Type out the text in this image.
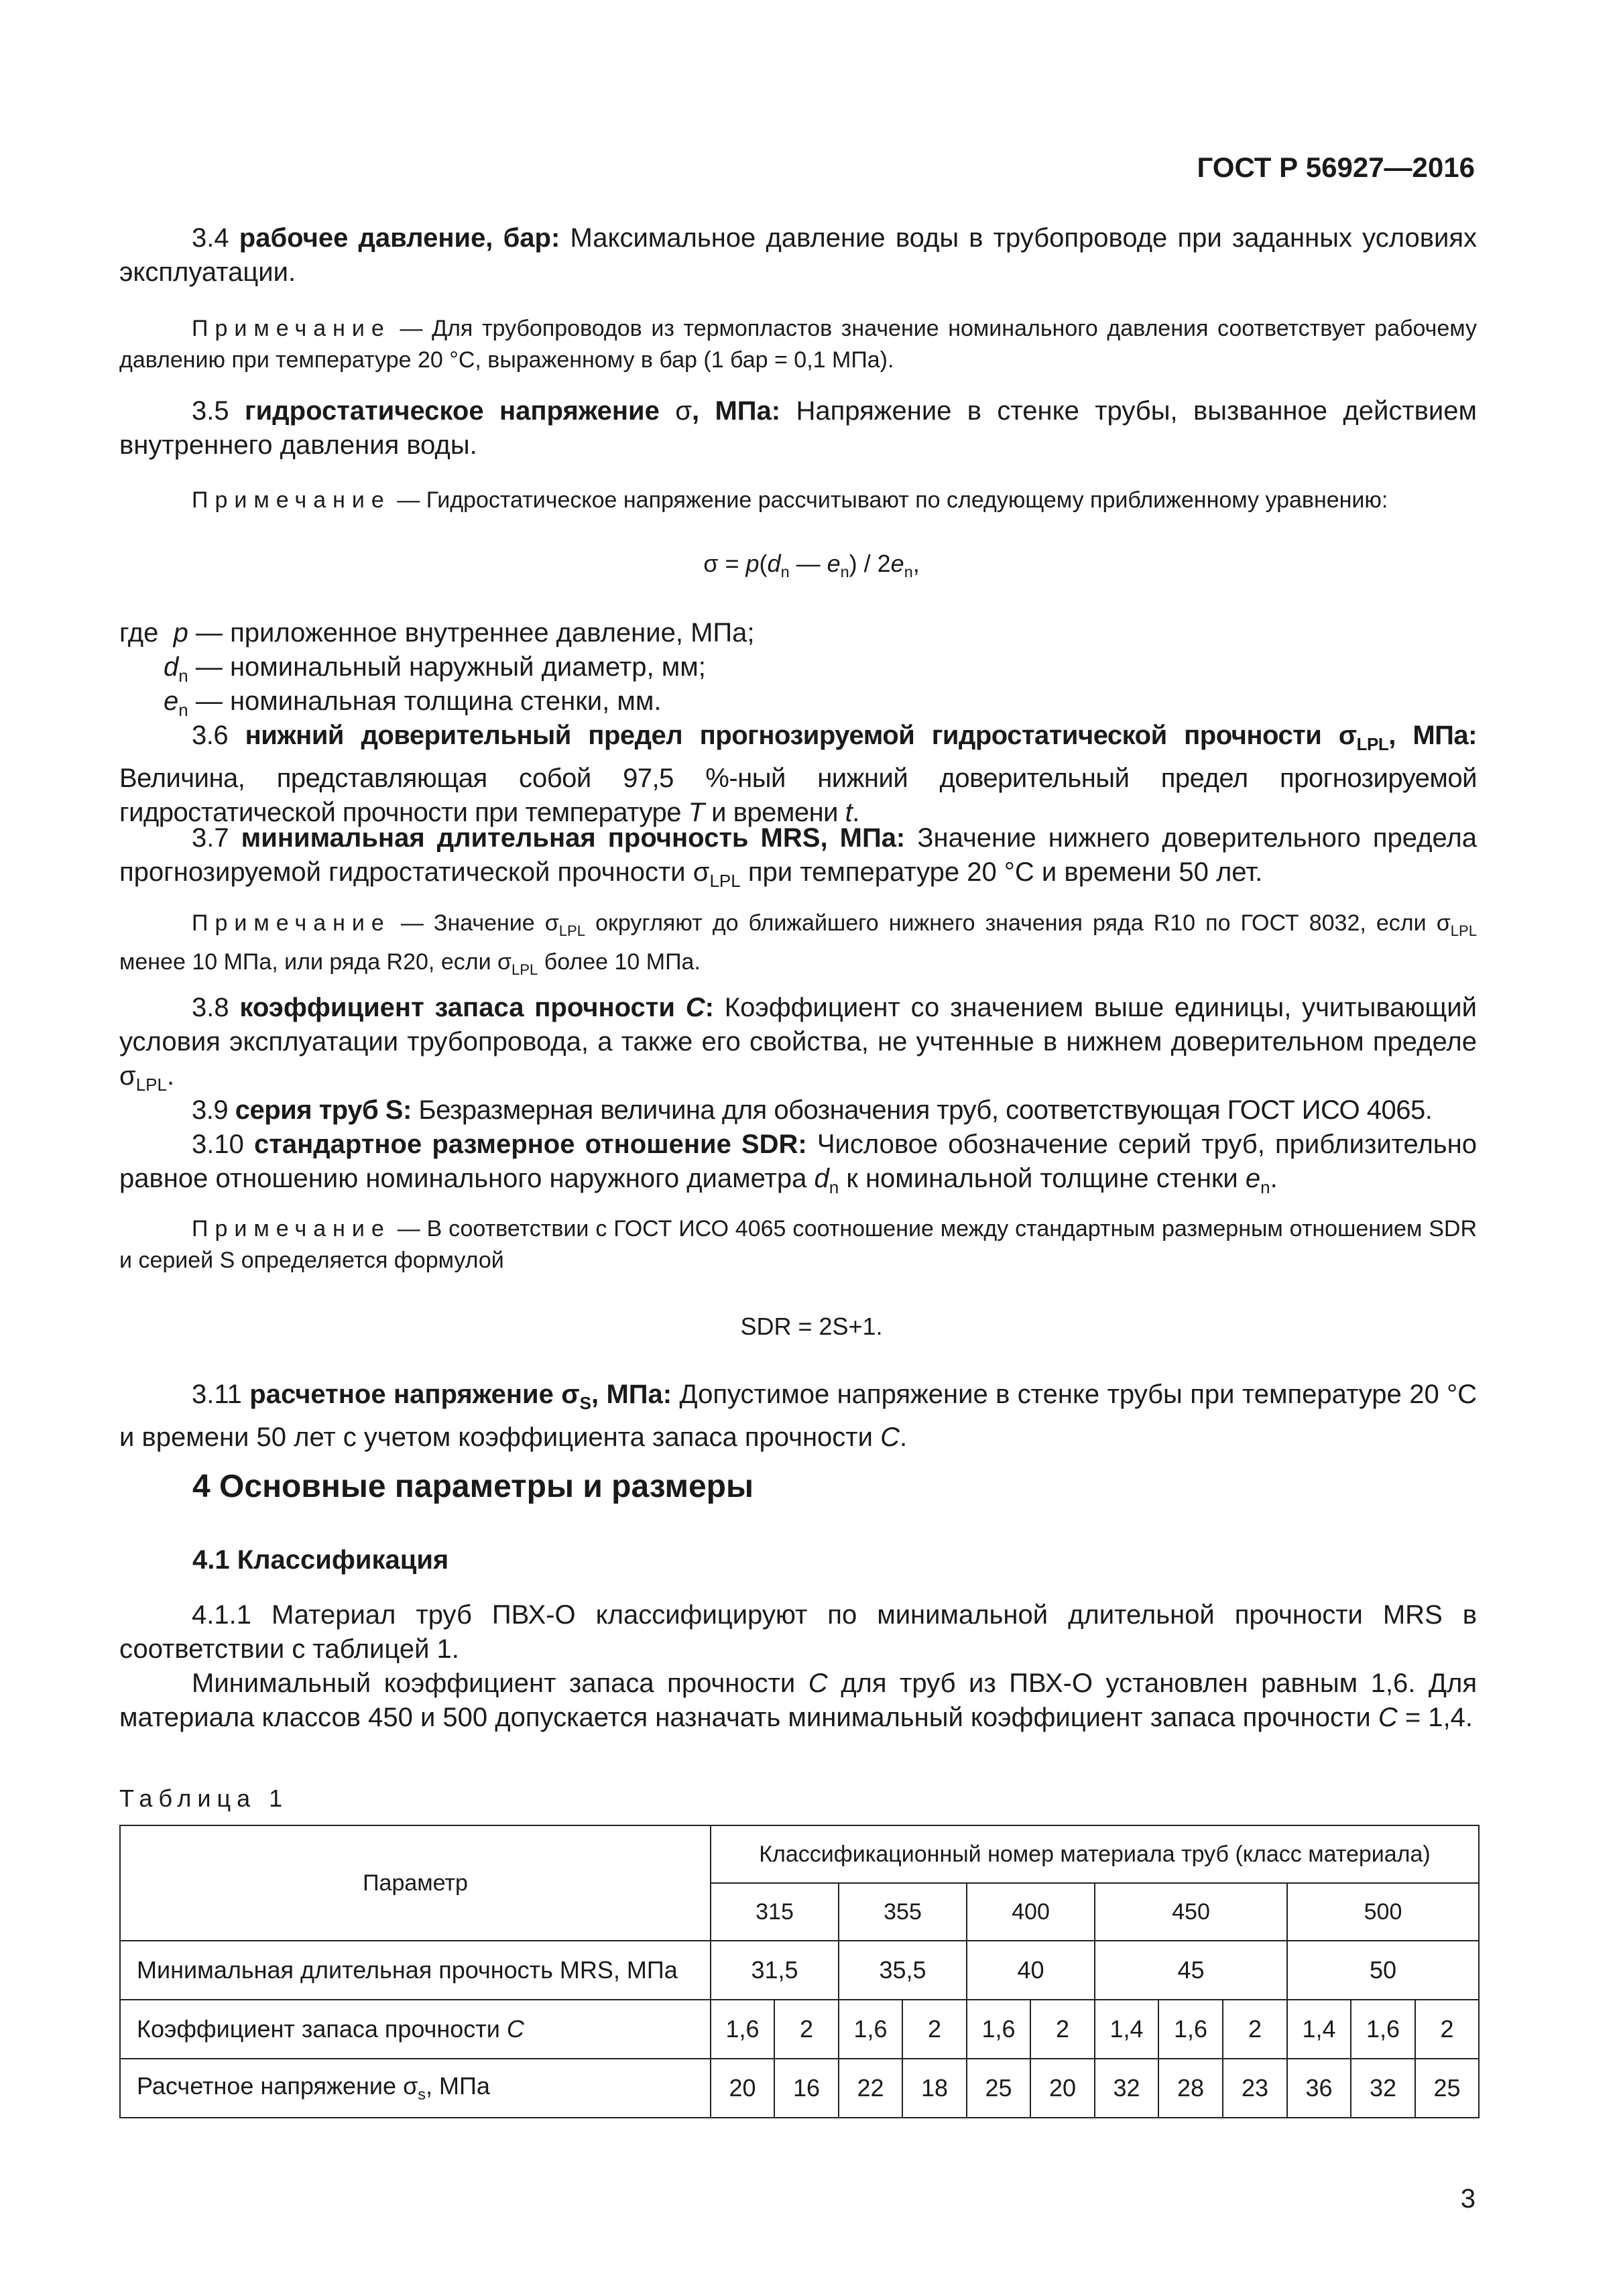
ГОСТ Р 56927—2016
3.4 рабочее давление, бар: Максимальное давление воды в трубопроводе при заданных условиях эксплуатации.
Примечание — Для трубопроводов из термопластов значение номинального давления соответствует рабочему давлению при температуре 20 °С, выраженному в бар (1 бар = 0,1 МПа).
3.5 гидростатическое напряжение σ, МПа: Напряжение в стенке трубы, вызванное действием внутреннего давления воды.
Примечание — Гидростатическое напряжение рассчитывают по следующему приближенному уравнению:
$\sigma = p(d_n$ — $e_n) / 2e_n$,
где p — приложенное внутреннее давление, МПа;
$d_n$ — номинальный наружный диаметр, мм;
$e_n$ — номинальная толщина стенки, мм.
3.6 нижний доверительный предел прогнозируемой гидростатической прочности $\sigma_{LPL}$, МПа: Величина, представляющая собой 97,5 %-ный нижний доверительный предел прогнозируемой гидростатической прочности при температуре T и времени t.
3.7 минимальная длительная прочность MRS, МПа: Значение нижнего доверительного предела прогнозируемой гидростатической прочности $\sigma_{LPL}$ при температуре 20 °С и времени 50 лет.
Примечание — Значение $\sigma_{LPL}$ округляют до ближайшего нижнего значения ряда R10 по ГОСТ 8032, если $\sigma_{LPL}$ менее 10 МПа, или ряда R20, если $\sigma_{LPL}$ более 10 МПа.
3.8 коэффициент запаса прочности C: Коэффициент со значением выше единицы, учитывающий условия эксплуатации трубопровода, а также его свойства, не учтенные в нижнем доверительном пределе $\sigma_{LPL}$.
3.9 серия труб S: Безразмерная величина для обозначения труб, соответствующая ГОСТ ИСО 4065.
3.10 стандартное размерное отношение SDR: Числовое обозначение серий труб, приблизительно равное отношению номинального наружного диаметра $d_n$ к номинальной толщине стенки $e_n$.
Примечание — В соответствии с ГОСТ ИСО 4065 соотношение между стандартным размерным отношением SDR и серией S определяется формулой
SDR = 2S+1.
3.11 расчетное напряжение $\sigma_S$, МПа: Допустимое напряжение в стенке трубы при температуре 20 °С и времени 50 лет с учетом коэффициента запаса прочности C.
4 Основные параметры и размеры
4.1 Классификация
4.1.1 Материал труб ПВХ-О классифицируют по минимальной длительной прочности MRS в соответствии с таблицей 1.
Минимальный коэффициент запаса прочности C для труб из ПВХ-О установлен равным 1,6. Для материала классов 450 и 500 допускается назначать минимальный коэффициент запаса прочности C = 1,4.
Таблица 1
Параметр	Классификационный номер материала труб (класс материала)											
	315		355		400		450			500		
Минимальная длительная прочность MRS, МПа	31,5		35,5		40		45			50		
Коэффициент запаса прочности C	1,6	2	1,6	2	1,6	2	1,4	1,6	2	1,4	1,6	2
Расчетное напряжение $\sigma_s$, МПа	20	16	22	18	25	20	32	28	23	36	32	25
3
